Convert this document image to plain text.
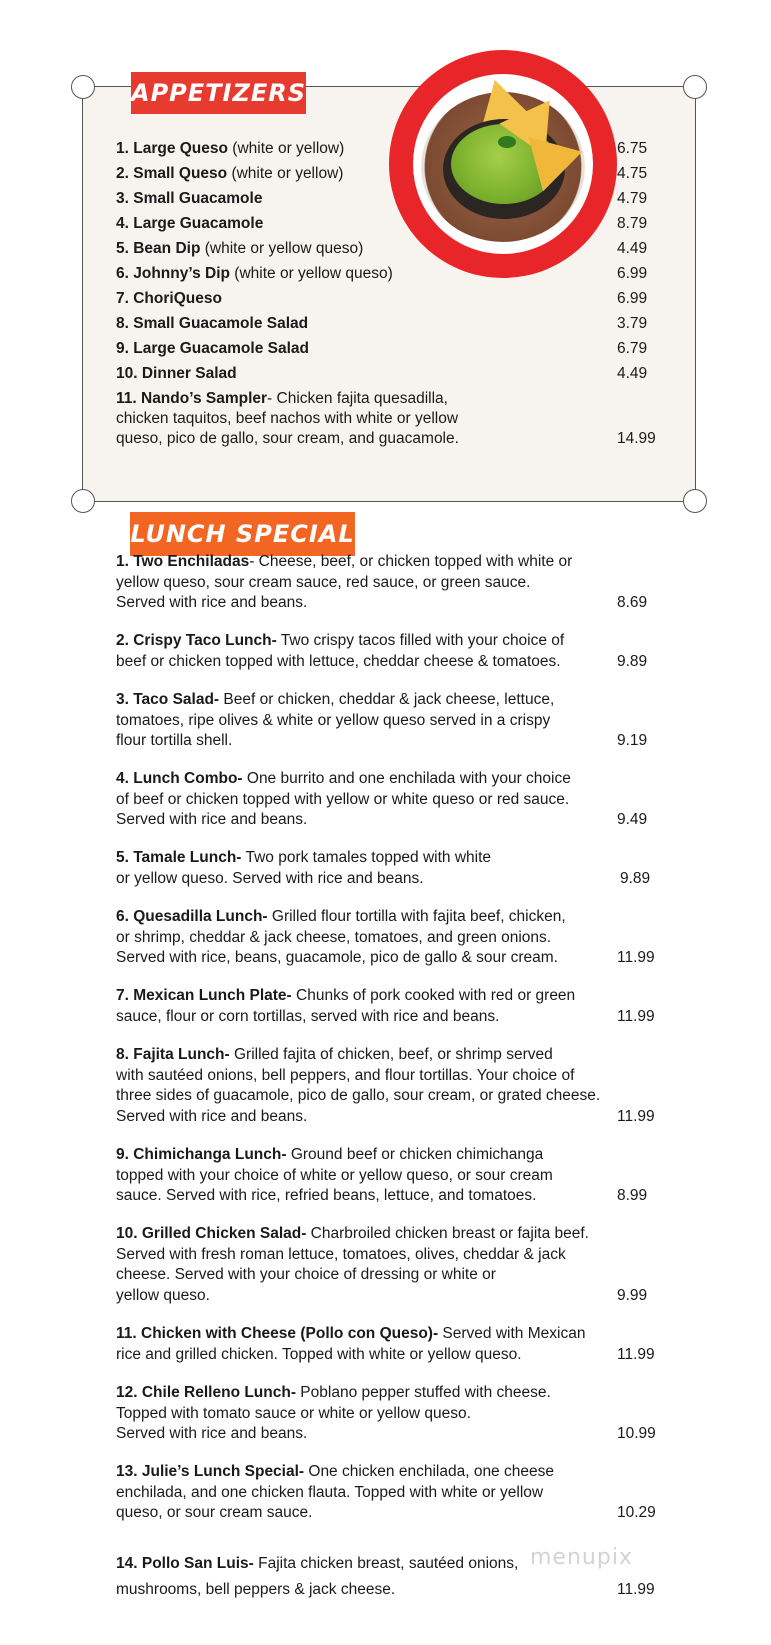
APPETIZERS
1. Large Queso (white or yellow)	6.75
2. Small Queso (white or yellow)	4.75
3. Small Guacamole	4.79
4. Large Guacamole	8.79
5. Bean Dip (white or yellow queso)	4.49
6. Johnny’s Dip (white or yellow queso)	6.99
7. ChoriQueso	6.99
8. Small Guacamole Salad	3.79
9. Large Guacamole Salad	6.79
10. Dinner Salad	4.49
11. Nando’s Sampler- Chicken fajita quesadilla,
chicken taquitos, beef nachos with white or yellow
queso, pico de gallo, sour cream, and guacamole.	14.99
LUNCH SPECIAL
1. Two Enchiladas- Cheese, beef, or chicken topped with white or
yellow queso, sour cream sauce, red sauce, or green sauce.
Served with rice and beans.	8.69
2. Crispy Taco Lunch- Two crispy tacos filled with your choice of
beef or chicken topped with lettuce, cheddar cheese & tomatoes.	9.89
3. Taco Salad- Beef or chicken, cheddar & jack cheese, lettuce,
tomatoes, ripe olives & white or yellow queso served in a crispy
flour tortilla shell.	9.19
4. Lunch Combo- One burrito and one enchilada with your choice
of beef or chicken topped with yellow or white queso or red sauce.
Served with rice and beans.	9.49
5. Tamale Lunch- Two pork tamales topped with white
or yellow queso. Served with rice and beans.	9.89
6. Quesadilla Lunch- Grilled flour tortilla with fajita beef, chicken,
or shrimp, cheddar & jack cheese, tomatoes, and green onions.
Served with rice, beans, guacamole, pico de gallo & sour cream.	11.99
7. Mexican Lunch Plate- Chunks of pork cooked with red or green
sauce, flour or corn tortillas, served with rice and beans.	11.99
8. Fajita Lunch- Grilled fajita of chicken, beef, or shrimp served
with sautéed onions, bell peppers, and flour tortillas. Your choice of
three sides of guacamole, pico de gallo, sour cream, or grated cheese.
Served with rice and beans.	11.99
9. Chimichanga Lunch- Ground beef or chicken chimichanga
topped with your choice of white or yellow queso, or sour cream
sauce. Served with rice, refried beans, lettuce, and tomatoes.	8.99
10. Grilled Chicken Salad- Charbroiled chicken breast or fajita beef.
Served with fresh roman lettuce, tomatoes, olives, cheddar & jack
cheese. Served with your choice of dressing or white or
yellow queso.	9.99
11. Chicken with Cheese (Pollo con Queso)- Served with Mexican
rice and grilled chicken. Topped with white or yellow queso.	11.99
12. Chile Relleno Lunch- Poblano pepper stuffed with cheese.
Topped with tomato sauce or white or yellow queso.
Served with rice and beans.	10.99
13. Julie’s Lunch Special- One chicken enchilada, one cheese
enchilada, and one chicken flauta. Topped with white or yellow
queso, or sour cream sauce.	10.29
14. Pollo San Luis- Fajita chicken breast, sautéed onions,
mushrooms, bell peppers & jack cheese.	11.99
menupix
